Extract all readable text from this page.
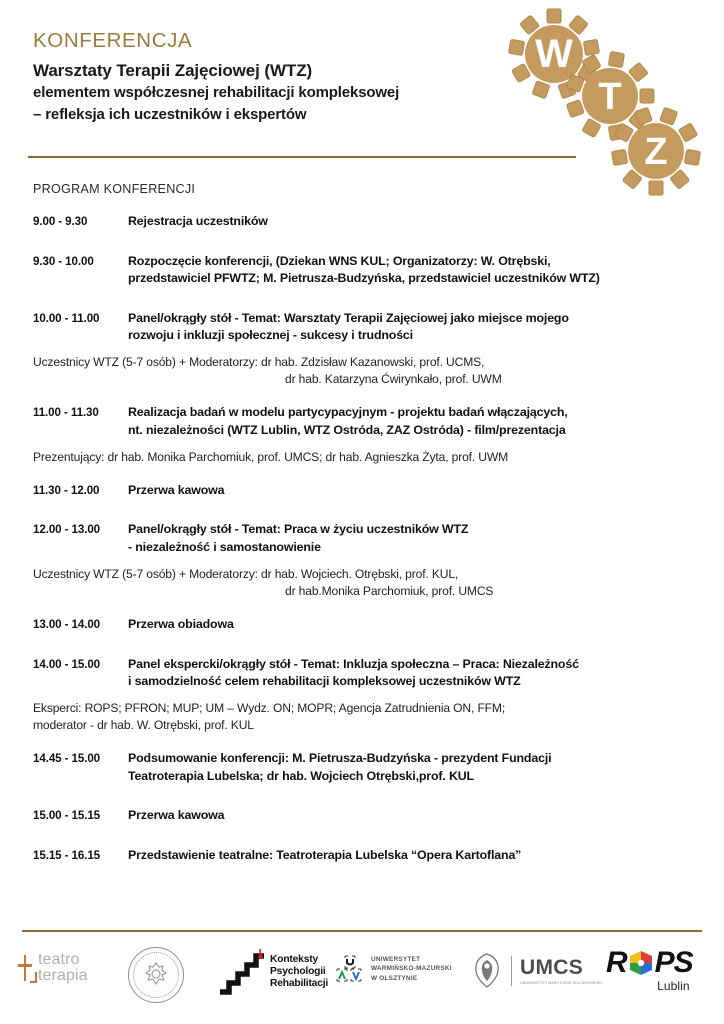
KONFERENCJA
Warsztaty Terapii Zajęciowej (WTZ)
elementem współczesnej rehabilitacji kompleksowej
– refleksja ich uczestników i ekspertów
W
T
Z
PROGRAM KONFERENCJI
9.00 - 9.30	Rejestracja uczestników
9.30 - 10.00	Rozpoczęcie konferencji, (Dziekan WNS KUL; Organizatorzy: W. Otrębski,
przedstawiciel PFWTZ; M. Pietrusza-Budzyńska, przedstawiciel uczestników WTZ)
10.00 - 11.00	Panel/okrągły stół - Temat: Warsztaty Terapii Zajęciowej jako miejsce mojego
rozwoju i inkluzji społecznej - sukcesy i trudności
Uczestnicy WTZ (5-7 osób) + Moderatorzy: dr hab. Zdzisław Kazanowski, prof. UCMS,
dr hab. Katarzyna Ćwirynkało, prof. UWM
11.00 - 11.30	Realizacja badań w modelu partycypacyjnym - projektu badań włączających,
nt. niezależności (WTZ Lublin, WTZ Ostróda, ZAZ Ostróda) - film/prezentacja
Prezentujący: dr hab. Monika Parchomiuk, prof. UMCS; dr hab. Agnieszka Żyta, prof. UWM
11.30 - 12.00	Przerwa kawowa
12.00 - 13.00	Panel/okrągły stół - Temat: Praca w życiu uczestników WTZ
- niezależność i samostanowienie
Uczestnicy WTZ (5-7 osób) + Moderatorzy: dr hab. Wojciech. Otrębski, prof. KUL,
dr hab.Monika Parchomiuk, prof. UMCS
13.00 - 14.00	Przerwa obiadowa
14.00 - 15.00	Panel ekspercki/okrągły stół - Temat: Inkluzja społeczna – Praca: Niezależność
i samodzielność celem rehabilitacji kompleksowej uczestników WTZ
Eksperci: ROPS; PFRON; MUP; UM – Wydz. ON; MOPR; Agencja Zatrudnienia ON, FFM;
moderator - dr hab. W. Otrębski, prof. KUL
14.45 - 15.00	Podsumowanie konferencji: M. Pietrusza-Budzyńska - prezydent Fundacji
Teatroterapia Lubelska; dr hab. Wojciech Otrębski,prof. KUL
15.00 - 15.15	Przerwa kawowa
15.15 - 16.15	Przedstawienie teatralne: Teatroterapia Lubelska “Opera Kartoflana”
teatro
terapia
Konteksty
Psychologii
Rehabilitacji
UNIWERSYTET
WARMIŃSKO-MAZURSKI
W OLSZTYNIE	UMCS
UNIWERSYTET MARII CURIE-SKŁODOWSKIEJ
R PS
Lublin
